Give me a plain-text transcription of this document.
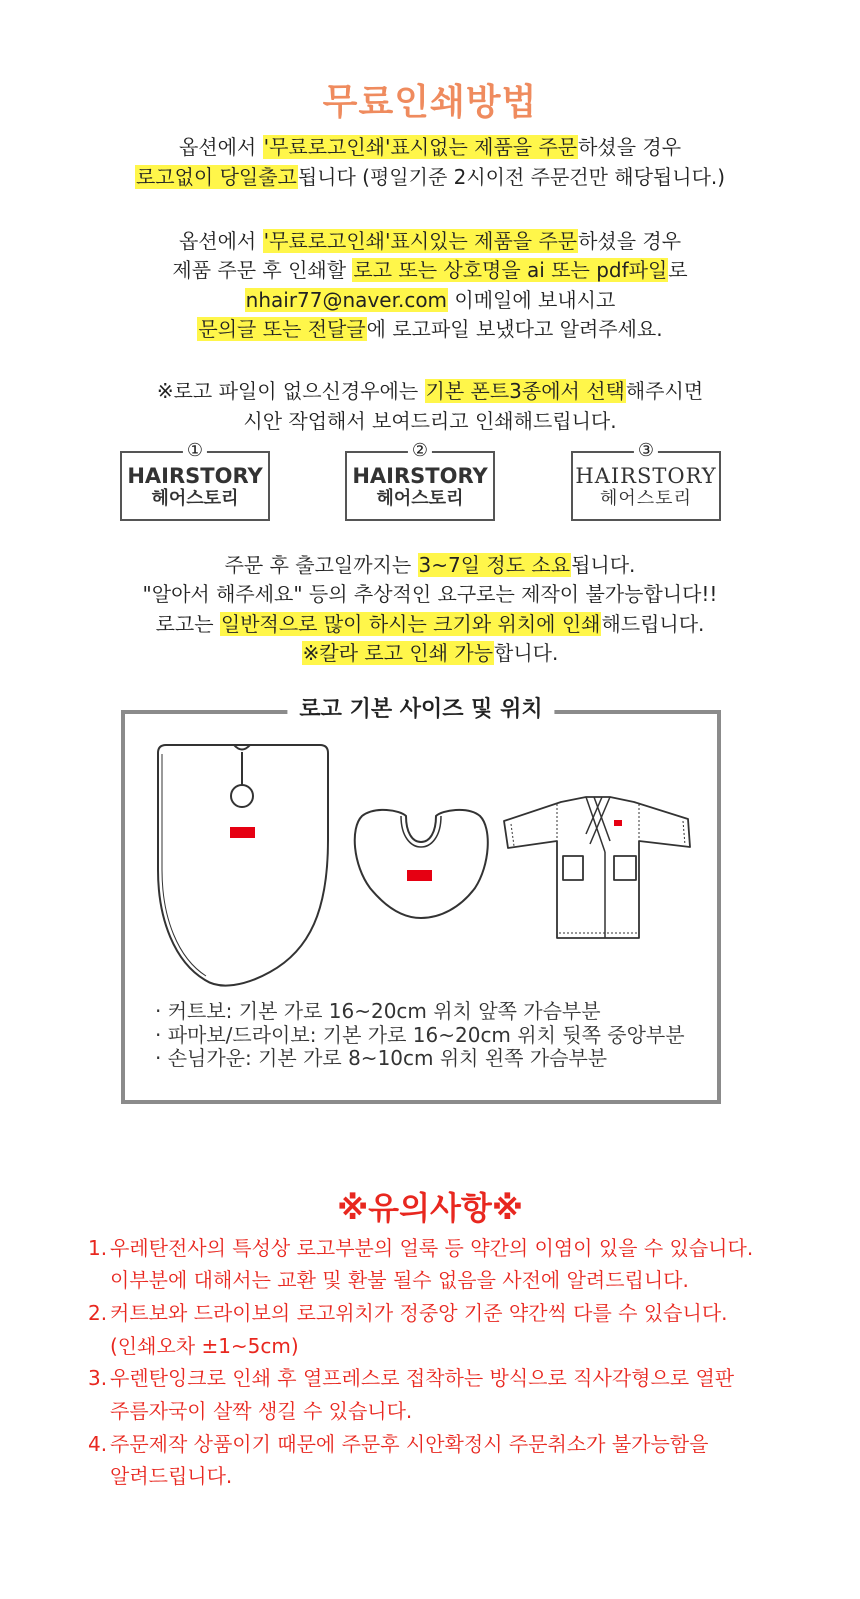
무료인쇄방법
옵션에서 '무료로고인쇄'표시없는 제품을 주문하셨을 경우
로고없이 당일출고됩니다 (평일기준 2시이전 주문건만 해당됩니다.)
옵션에서 '무료로고인쇄'표시있는 제품을 주문하셨을 경우
제품 주문 후 인쇄할 로고 또는 상호명을 ai 또는 pdf파일로
nhair77@naver.com 이메일에 보내시고
문의글 또는 전달글에 로고파일 보냈다고 알려주세요.
※로고 파일이 없으신경우에는 기본 폰트3종에서 선택해주시면
시안 작업해서 보여드리고 인쇄해드립니다.
①
HAIRSTORY
헤어스토리
②
HAIRSTORY
헤어스토리
③
HAIRSTORY
헤어스토리
주문 후 출고일까지는 3~7일 정도 소요됩니다.
"알아서 해주세요" 등의 추상적인 요구로는 제작이 불가능합니다!!
로고는 일반적으로 많이 하시는 크기와 위치에 인쇄해드립니다.
※칼라 로고 인쇄 가능합니다.
로고 기본 사이즈 및 위치
· 커트보: 기본 가로 16~20cm 위치 앞쪽 가슴부분
· 파마보/드라이보: 기본 가로 16~20cm 위치 뒷쪽 중앙부분
· 손님가운: 기본 가로 8~10cm 위치 왼쪽 가슴부분
※유의사항※
1. 우레탄전사의 특성상 로고부분의 얼룩 등 약간의 이염이 있을 수 있습니다.
이부분에 대해서는 교환 및 환불 될수 없음을 사전에 알려드립니다.
2. 커트보와 드라이보의 로고위치가 정중앙 기준 약간씩 다를 수 있습니다.
(인쇄오차 ±1~5cm)
3. 우렌탄잉크로 인쇄 후 열프레스로 접착하는 방식으로 직사각형으로 열판
주름자국이 살짝 생길 수 있습니다.
4. 주문제작 상품이기 때문에 주문후 시안확정시 주문취소가 불가능함을
알려드립니다.
